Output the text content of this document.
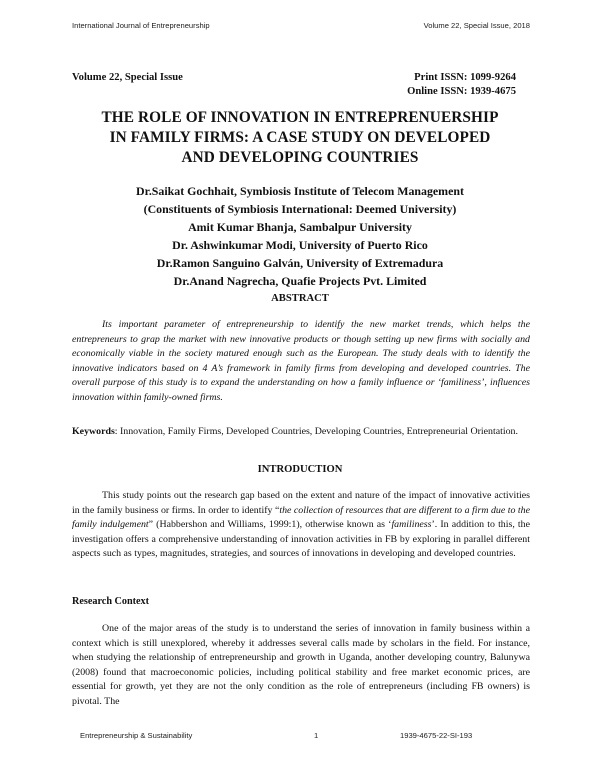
International Journal of Entrepreneurship	Volume 22, Special Issue, 2018
Volume 22, Special Issue	Print ISSN: 1099-9264
Online ISSN: 1939-4675
THE ROLE OF INNOVATION IN ENTREPRENUERSHIP
IN FAMILY FIRMS: A CASE STUDY ON DEVELOPED
AND DEVELOPING COUNTRIES
Dr.Saikat Gochhait, Symbiosis Institute of Telecom Management
(Constituents of Symbiosis International: Deemed University)
Amit Kumar Bhanja, Sambalpur University
Dr. Ashwinkumar Modi, University of Puerto Rico
Dr.Ramon Sanguino Galván, University of Extremadura
Dr.Anand Nagrecha, Quafie Projects Pvt. Limited
ABSTRACT

Its important parameter of entrepreneurship to identify the new market trends, which helps the entrepreneurs to grap the market with new innovative products or though setting up new firms with socially and economically viable in the society matured enough such as the European. The study deals with to identify the innovative indicators based on 4 A’s framework in family firms from developing and developed countries. The overall purpose of this study is to expand the understanding on how a family influence or ‘familiness’, influences innovation within family-owned firms.

Keywords: Innovation, Family Firms, Developed Countries, Developing Countries, Entrepreneurial Orientation.

INTRODUCTION

This study points out the research gap based on the extent and nature of the impact of innovative activities in the family business or firms. In order to identify “the collection of resources that are different to a firm due to the family indulgement” (Habbershon and Williams, 1999:1), otherwise known as ‘familiness’. In addition to this, the investigation offers a comprehensive understanding of innovation activities in FB by exploring in parallel different aspects such as types, magnitudes, strategies, and sources of innovations in developing and developed countries.

Research Context

One of the major areas of the study is to understand the series of innovation in family business within a context which is still unexplored, whereby it addresses several calls made by scholars in the field. For instance, when studying the relationship of entrepreneurship and growth in Uganda, another developing country, Balunywa (2008) found that macroeconomic policies, including political stability and free market economic prices, are essential for growth, yet they are not the only condition as the role of entrepreneurs (including FB owners) is pivotal. The

Entrepreneurship & Sustainability	1	1939-4675-22-SI-193
